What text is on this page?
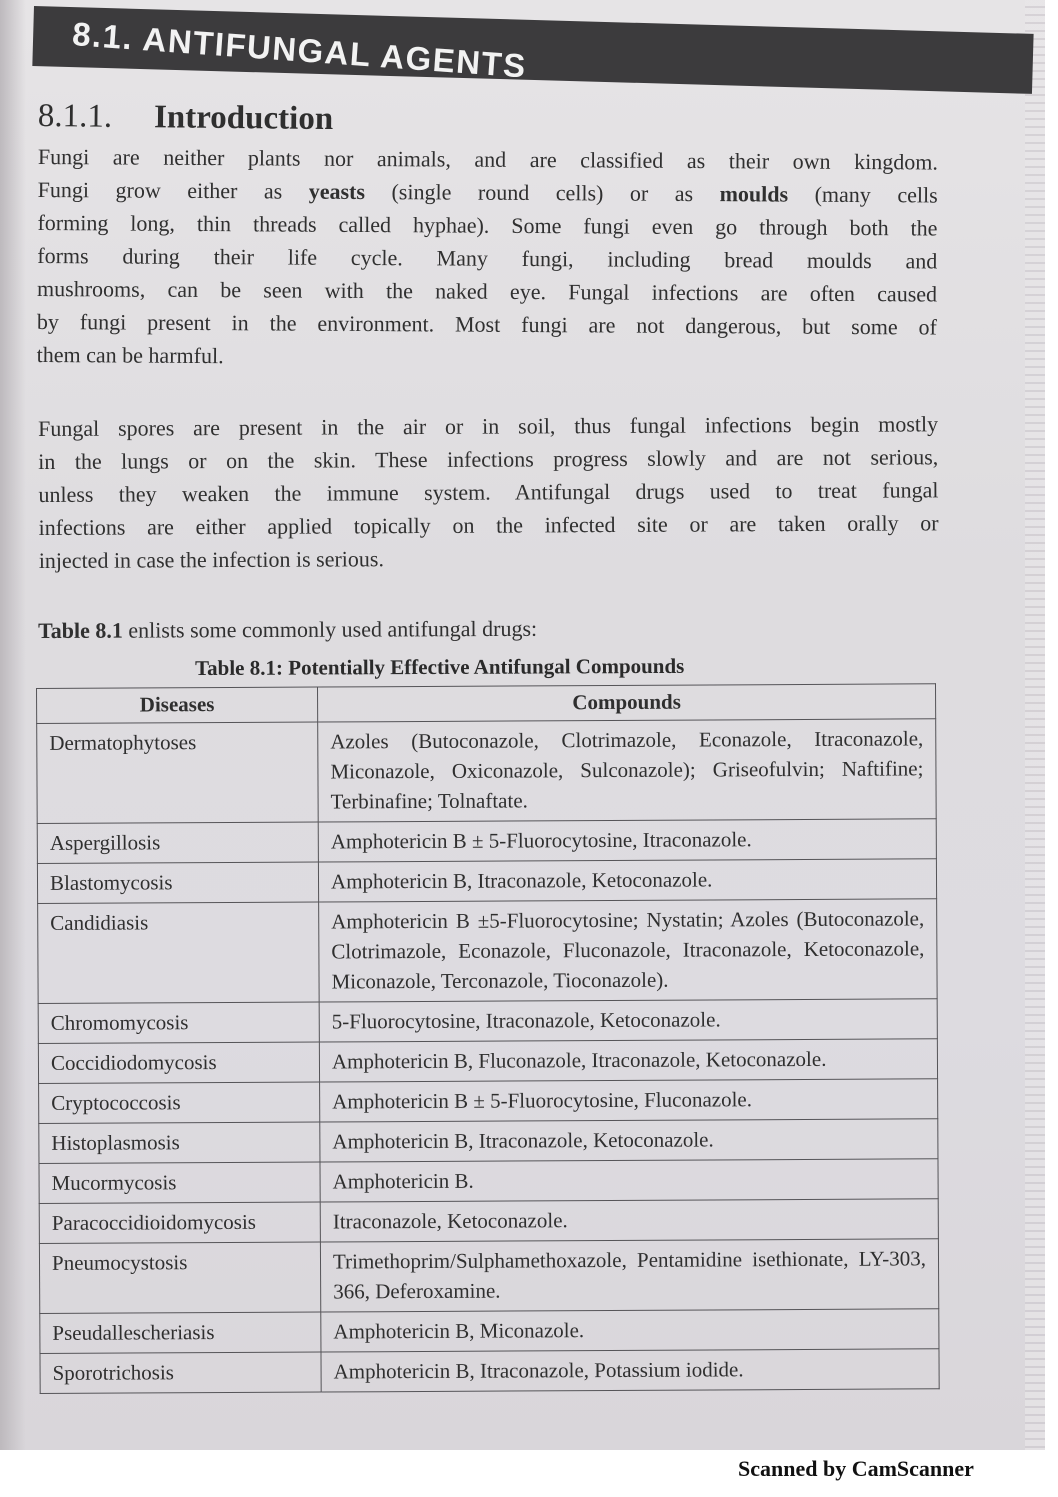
8.1. ANTIFUNGAL AGENTS
8.1.1. Introduction
Fungi are neither plants nor animals, and are classified as their own kingdom.
Fungi grow either as yeasts (single round cells) or as moulds (many cells
forming long, thin threads called hyphae). Some fungi even go through both the
forms during their life cycle. Many fungi, including bread moulds and
mushrooms, can be seen with the naked eye. Fungal infections are often caused
by fungi present in the environment. Most fungi are not dangerous, but some of
them can be harmful.
Fungal spores are present in the air or in soil, thus fungal infections begin mostly
in the lungs or on the skin. These infections progress slowly and are not serious,
unless they weaken the immune system. Antifungal drugs used to treat fungal
infections are either applied topically on the infected site or are taken orally or
injected in case the infection is serious.
Table 8.1 enlists some commonly used antifungal drugs:
Table 8.1: Potentially Effective Antifungal Compounds
Diseases	Compounds
Dermatophytoses	Azoles (Butoconazole, Clotrimazole, Econazole, Itraconazole, Miconazole, Oxiconazole, Sulconazole); Griseofulvin; Naftifine; Terbinafine; Tolnaftate.
Aspergillosis	Amphotericin B ± 5-Fluorocytosine, Itraconazole.
Blastomycosis	Amphotericin B, Itraconazole, Ketoconazole.
Candidiasis	Amphotericin B ±5-Fluorocytosine; Nystatin; Azoles (Butoconazole, Clotrimazole, Econazole, Fluconazole, Itraconazole, Ketoconazole, Miconazole, Terconazole, Tioconazole).
Chromomycosis	5-Fluorocytosine, Itraconazole, Ketoconazole.
Coccidiodomycosis	Amphotericin B, Fluconazole, Itraconazole, Ketoconazole.
Cryptococcosis	Amphotericin B ± 5-Fluorocytosine, Fluconazole.
Histoplasmosis	Amphotericin B, Itraconazole, Ketoconazole.
Mucormycosis	Amphotericin B.
Paracoccidioidomycosis	Itraconazole, Ketoconazole.
Pneumocystosis	Trimethoprim/Sulphamethoxazole, Pentamidine isethionate, LY-303, 366, Deferoxamine.
Pseudallescheriasis	Amphotericin B, Miconazole.
Sporotrichosis	Amphotericin B, Itraconazole, Potassium iodide.
Scanned by CamScanner
